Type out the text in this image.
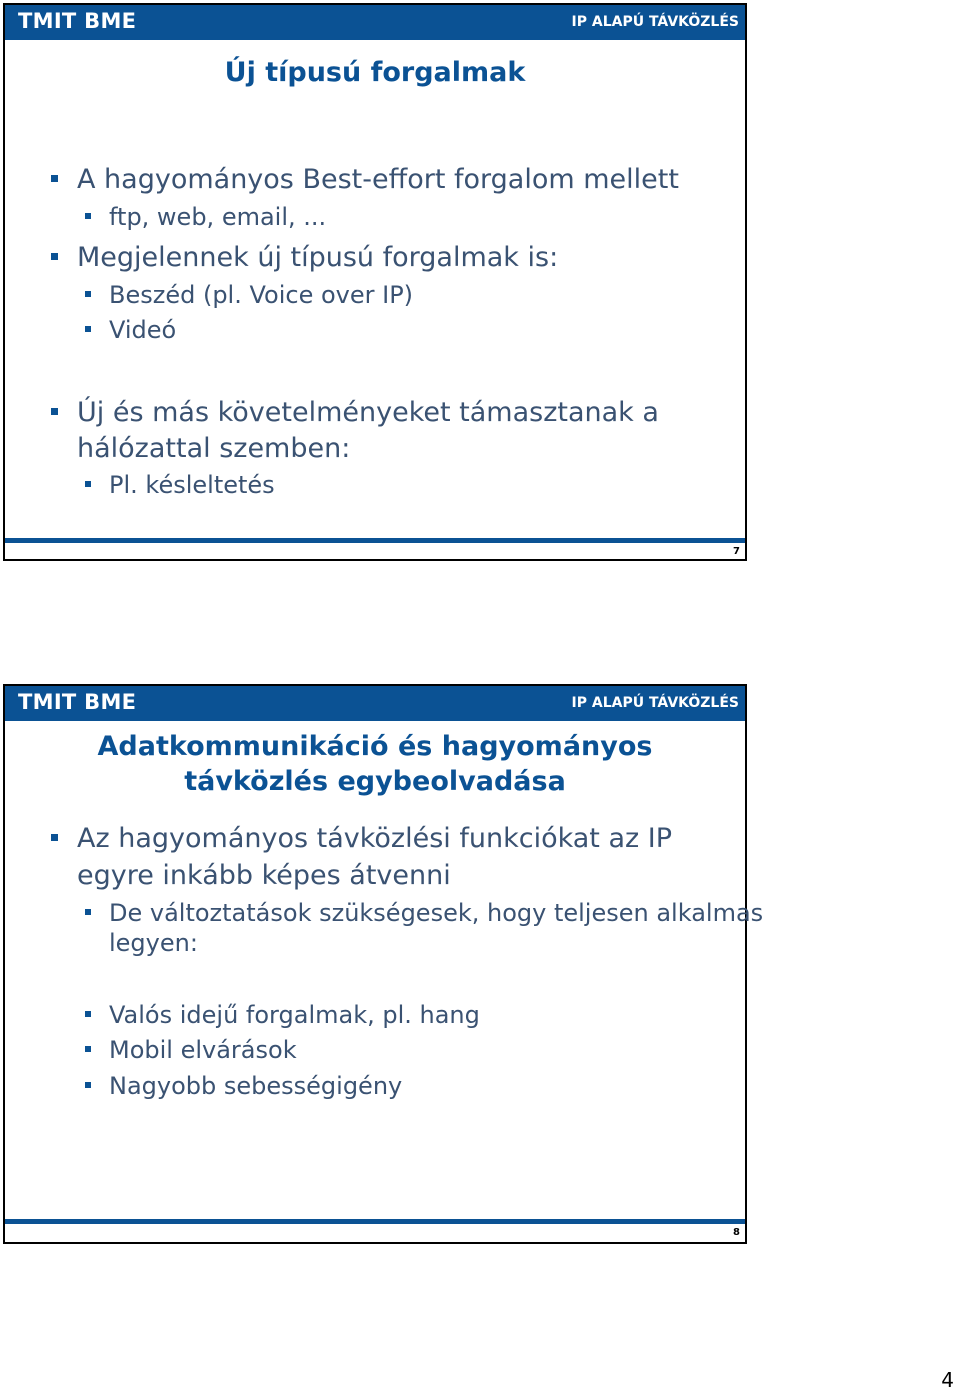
TMIT BME	IP ALAPÚ TÁVKÖZLÉS
Új típusú forgalmak
A hagyományos Best-effort forgalom mellett
ftp, web, email, ...
Megjelennek új típusú forgalmak is:
Beszéd (pl. Voice over IP)
Videó
Új és más követelményeket támasztanak a
hálózattal szemben:
Pl. késleltetés
7
TMIT BME	IP ALAPÚ TÁVKÖZLÉS
Adatkommunikáció és hagyományos
távközlés egybeolvadása
Az hagyományos távközlési funkciókat az IP
egyre inkább képes átvenni
De változtatások szükségesek, hogy teljesen alkalmas
legyen:
Valós idejű forgalmak, pl. hang
Mobil elvárások
Nagyobb sebességigény
8
4
